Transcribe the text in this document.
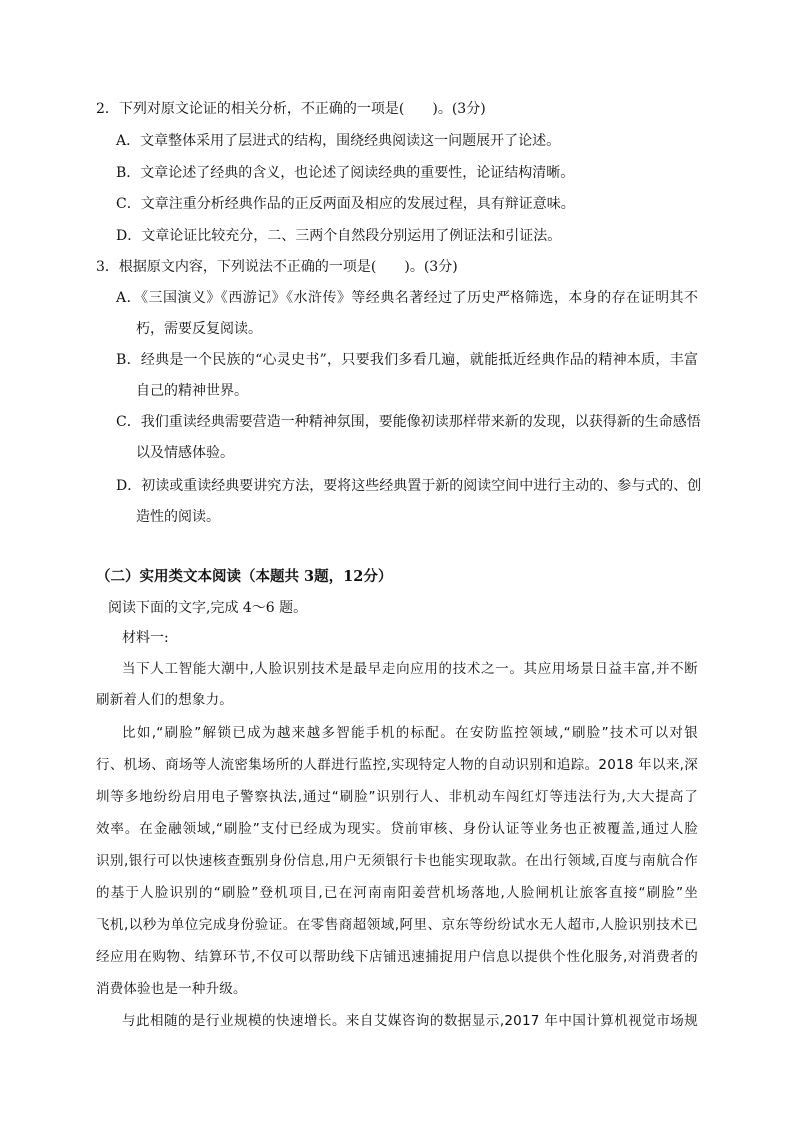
2．下列对原文论证的相关分析，不正确的一项是(　　)。(3分)
A．文章整体采用了层进式的结构，围绕经典阅读这一问题展开了论述。
B．文章论述了经典的含义，也论述了阅读经典的重要性，论证结构清晰。
C．文章注重分析经典作品的正反两面及相应的发展过程，具有辩证意味。
D．文章论证比较充分，二、三两个自然段分别运用了例证法和引证法。
3．根据原文内容，下列说法不正确的一项是(　　)。(3分)
A．《三国演义》《西游记》《水浒传》等经典名著经过了历史严格筛选，本身的存在证明其不
朽，需要反复阅读。
B．经典是一个民族的“心灵史书”，只要我们多看几遍，就能抵近经典作品的精神本质，丰富
自己的精神世界。
C．我们重读经典需要营造一种精神氛围，要能像初读那样带来新的发现，以获得新的生命感悟
以及情感体验。
D．初读或重读经典要讲究方法，要将这些经典置于新的阅读空间中进行主动的、参与式的、创
造性的阅读。
（二）实用类文本阅读（本题共 3题，12分）
阅读下面的文字,完成 4～6 题。
材料一:
当下人工智能大潮中,人脸识别技术是最早走向应用的技术之一。其应用场景日益丰富,并不断
刷新着人们的想象力。
比如,“刷脸”解锁已成为越来越多智能手机的标配。在安防监控领域,“刷脸”技术可以对银
行、机场、商场等人流密集场所的人群进行监控,实现特定人物的自动识别和追踪。2018 年以来,深
圳等多地纷纷启用电子警察执法,通过“刷脸”识别行人、非机动车闯红灯等违法行为,大大提高了
效率。在金融领域,“刷脸”支付已经成为现实。贷前审核、身份认证等业务也正被覆盖,通过人脸
识别,银行可以快速核查甄别身份信息,用户无须银行卡也能实现取款。在出行领域,百度与南航合作
的基于人脸识别的“刷脸”登机项目,已在河南南阳姜营机场落地,人脸闸机让旅客直接“刷脸”坐
飞机,以秒为单位完成身份验证。在零售商超领域,阿里、京东等纷纷试水无人超市,人脸识别技术已
经应用在购物、结算环节,不仅可以帮助线下店铺迅速捕捉用户信息以提供个性化服务,对消费者的
消费体验也是一种升级。
与此相随的是行业规模的快速增长。来自艾媒咨询的数据显示,2017 年中国计算机视觉市场规
